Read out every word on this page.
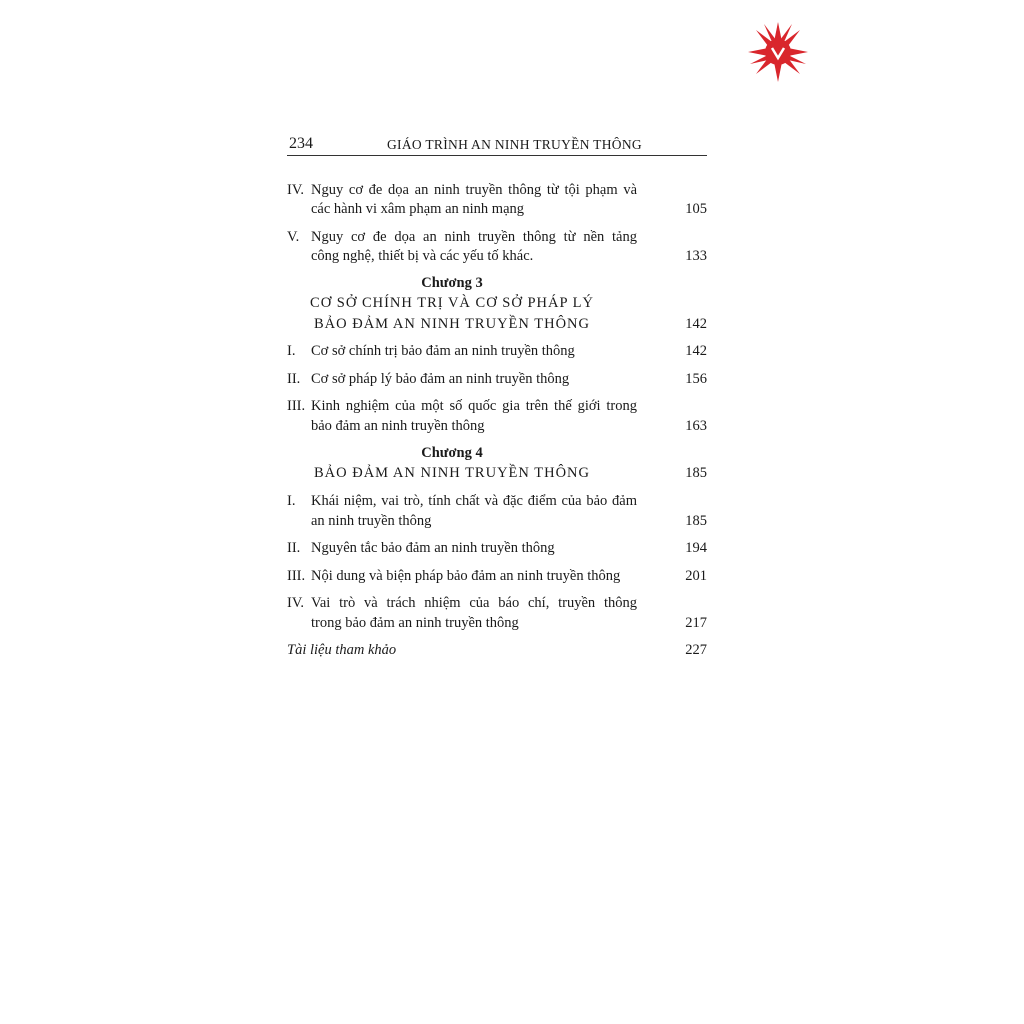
234	GIÁO TRÌNH AN NINH TRUYỀN THÔNG
IV. Nguy cơ đe dọa an ninh truyền thông từ tội phạm và
các hành vi xâm phạm an ninh mạng	105
V. Nguy cơ đe dọa an ninh truyền thông từ nền tảng
công nghệ, thiết bị và các yếu tố khác.	133
Chương 3
CƠ SỞ CHÍNH TRỊ VÀ CƠ SỞ PHÁP LÝ
BẢO ĐẢM AN NINH TRUYỀN THÔNG	142
I. Cơ sở chính trị bảo đảm an ninh truyền thông	142
II. Cơ sở pháp lý bảo đảm an ninh truyền thông	156
III. Kinh nghiệm của một số quốc gia trên thế giới trong
bảo đảm an ninh truyền thông	163
Chương 4
BẢO ĐẢM AN NINH TRUYỀN THÔNG	185
I. Khái niệm, vai trò, tính chất và đặc điểm của bảo đảm
an ninh truyền thông	185
II. Nguyên tắc bảo đảm an ninh truyền thông	194
III. Nội dung và biện pháp bảo đảm an ninh truyền thông	201
IV. Vai trò và trách nhiệm của báo chí, truyền thông
trong bảo đảm an ninh truyền thông	217
Tài liệu tham khảo	227
